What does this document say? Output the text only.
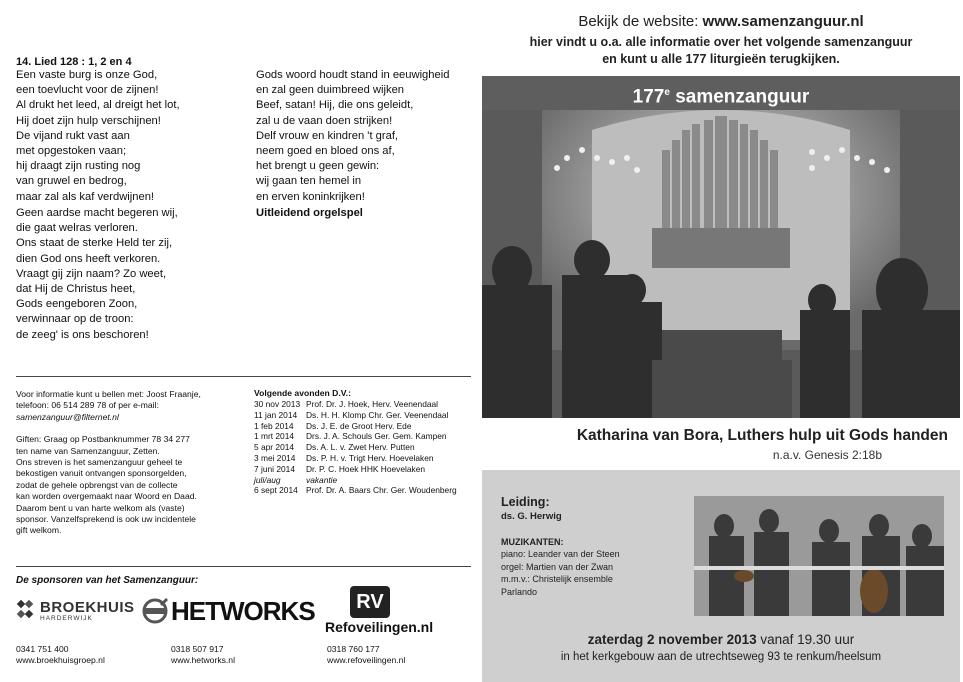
14. Lied 128 : 1, 2 en 4
Een vaste burg is onze God,
een toevlucht voor de zijnen!
Al drukt het leed, al dreigt het lot,
Hij doet zijn hulp verschijnen!
De vijand rukt vast aan
met opgestoken vaan;
hij draagt zijn rusting nog
van gruwel en bedrog,
maar zal als kaf verdwijnen!
Geen aardse macht begeren wij,
die gaat welras verloren.
Ons staat de sterke Held ter zij,
dien God ons heeft verkoren.
Vraagt gij zijn naam? Zo weet,
dat Hij de Christus heet,
Gods eengeboren Zoon,
verwinnaar op de troon:
de zeeg' is ons beschoren!
Gods woord houdt stand in eeuwigheid
en zal geen duimbreed wijken
Beef, satan! Hij, die ons geleidt,
zal u de vaan doen strijken!
Delf vrouw en kindren 't graf,
neem goed en bloed ons af,
het brengt u geen gewin:
wij gaan ten hemel in
en erven koninkrijken!
Uitleidend orgelspel
Voor informatie kunt u bellen met: Joost Fraanje,
telefoon: 06 514 289 78 of per e-mail:
samenzanguur@filternet.nl
Giften: Graag op Postbanknummer 78 34 277
ten name van Samenzanguur, Zetten.
Ons streven is het samenzanguur geheel te
bekostigen vanuit ontvangen sponsorgelden,
zodat de gehele opbrengst van de collecte
kan worden overgemaakt naar Woord en Daad.
Daarom bent u van harte welkom als (vaste)
sponsor. Vanzelfsprekend is ook uw incidentele
gift welkom.
Volgende avonden D.V.:
30 nov 2013 Prof. Dr. J. Hoek, Herv. Veenendaal
11 jan 2014	Ds. H. H. Klomp Chr. Ger. Veenendaal
1 feb 2014	Ds. J. E. de Groot Herv. Ede
1 mrt 2014	Drs. J. A. Schouls Ger. Gem. Kampen
5 apr 2014	Ds. A. L. v. Zwet Herv. Putten
3 mei 2014	Ds. P. H. v. Trigt Herv. Hoevelaken
7 juni 2014	Dr. P. C. Hoek HHK Hoevelaken
juli/aug	vakantie
6 sept 2014 Prof. Dr. A. Baars Chr. Ger. Woudenberg
De sponsoren van het Samenzanguur:
BROEKHUIS
HARDERWIJK	HETWORKS	RV
Refoveilingen.nl
0341 751 400
www.broekhuisgroep.nl
0318 507 917
www.hetworks.nl
0318 760 177
www.refoveilingen.nl
Bekijk de website: www.samenzanguur.nl
hier vindt u o.a. alle informatie over het volgende samenzanguur
en kunt u alle 177 liturgieën terugkijken.
177e samenzanguur
Katharina van Bora, Luthers hulp uit Gods handen
n.a.v. Genesis 2:18b
Leiding:
ds. G. Herwig
MUZIKANTEN:
piano: Leander van der Steen
orgel: Martien van der Zwan
m.m.v.: Christelijk ensemble
Parlando
zaterdag 2 november 2013 vanaf 19.30 uur
in het kerkgebouw aan de utrechtseweg 93 te renkum/heelsum
